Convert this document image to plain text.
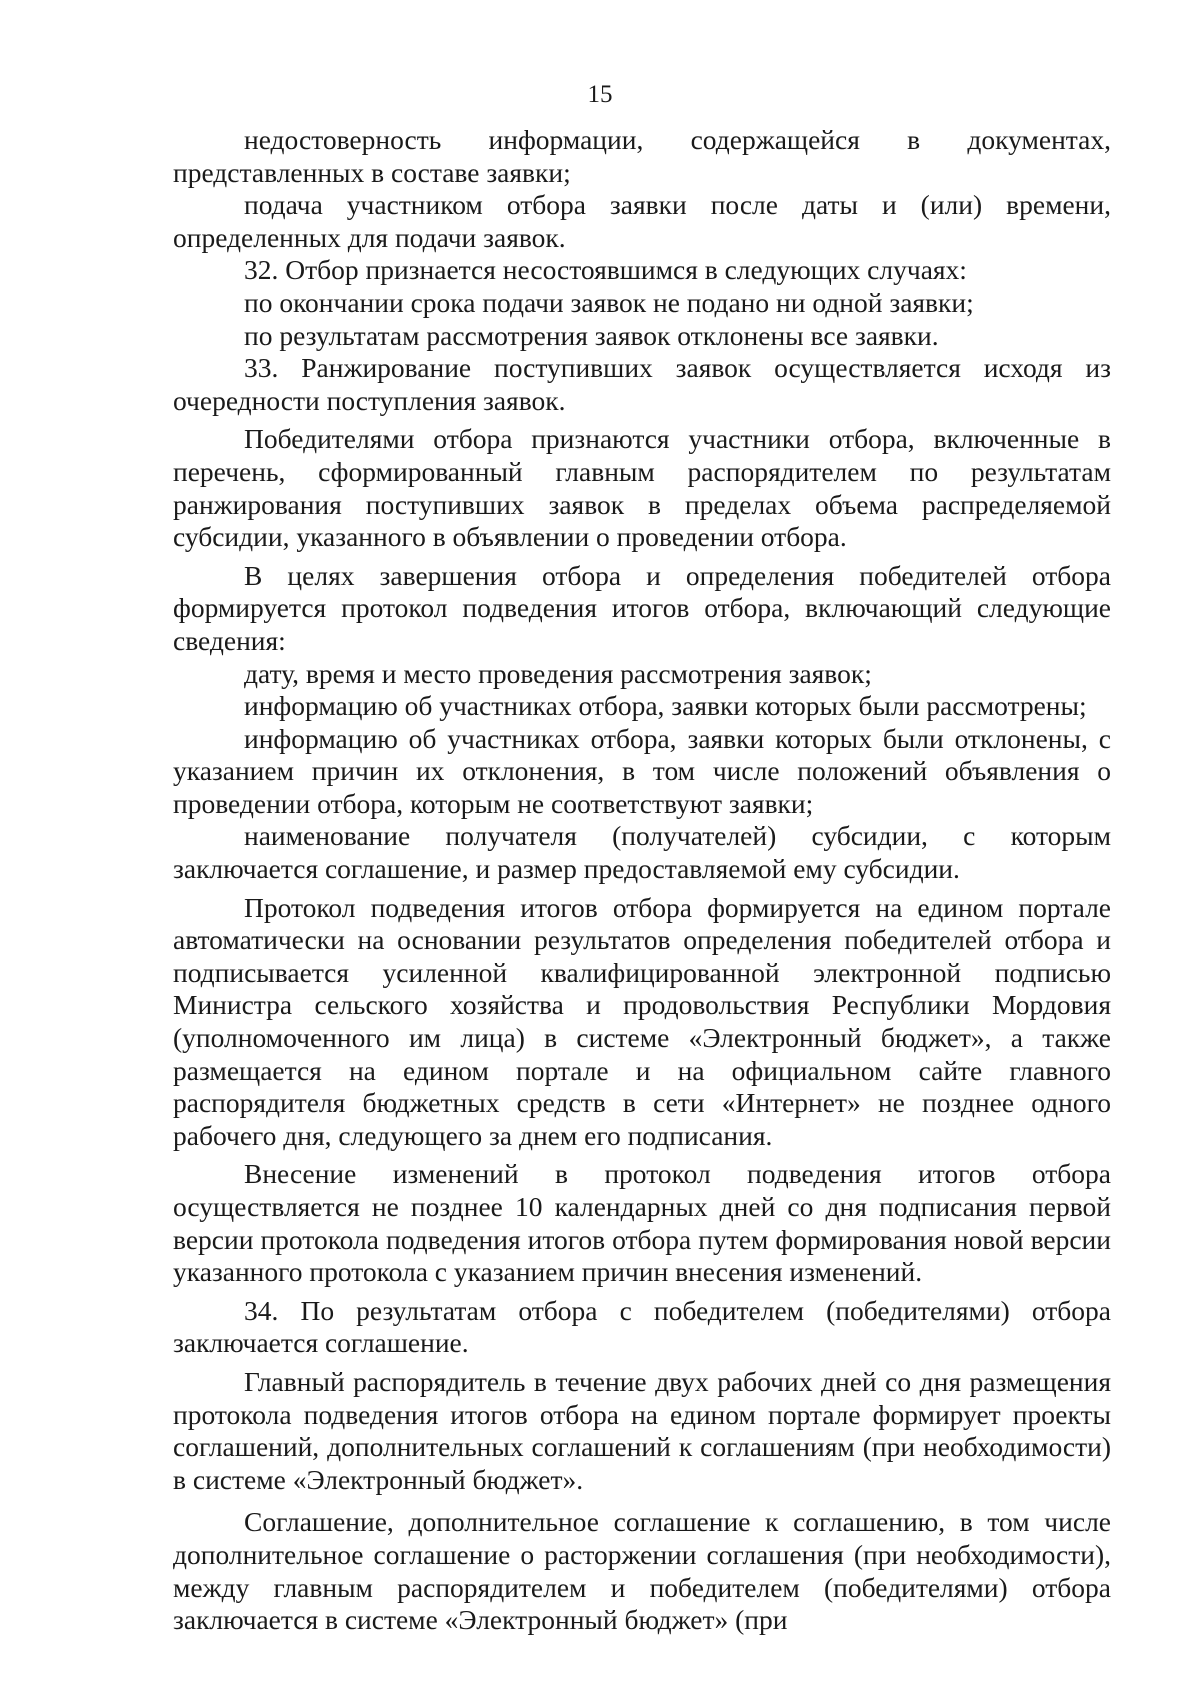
15

недостоверность информации, содержащейся в документах, представленных в составе заявки;

подача участником отбора заявки после даты и (или) времени, определенных для подачи заявок.

32. Отбор признается несостоявшимся в следующих случаях:

по окончании срока подачи заявок не подано ни одной заявки;

по результатам рассмотрения заявок отклонены все заявки.

33. Ранжирование поступивших заявок осуществляется исходя из очередности поступления заявок.

Победителями отбора признаются участники отбора, включенные в перечень, сформированный главным распорядителем по результатам ранжирования поступивших заявок в пределах объема распределяемой субсидии, указанного в объявлении о проведении отбора.

В целях завершения отбора и определения победителей отбора формируется протокол подведения итогов отбора, включающий следующие сведения:

дату, время и место проведения рассмотрения заявок;

информацию об участниках отбора, заявки которых были рассмотрены;

информацию об участниках отбора, заявки которых были отклонены, с указанием причин их отклонения, в том числе положений объявления о проведении отбора, которым не соответствуют заявки;

наименование получателя (получателей) субсидии, с которым заключается соглашение, и размер предоставляемой ему субсидии.

Протокол подведения итогов отбора формируется на едином портале автоматически на основании результатов определения победителей отбора и подписывается усиленной квалифицированной электронной подписью Министра сельского хозяйства и продовольствия Республики Мордовия (уполномоченного им лица) в системе «Электронный бюджет», а также размещается на едином портале и на официальном сайте главного распорядителя бюджетных средств в сети «Интернет» не позднее одного рабочего дня, следующего за днем его подписания.

Внесение изменений в протокол подведения итогов отбора осуществляется не позднее 10 календарных дней со дня подписания первой версии протокола подведения итогов отбора путем формирования новой версии указанного протокола с указанием причин внесения изменений.

34. По результатам отбора с победителем (победителями) отбора заключается соглашение.

Главный распорядитель в течение двух рабочих дней со дня размещения протокола подведения итогов отбора на едином портале формирует проекты соглашений, дополнительных соглашений к соглашениям (при необходимости) в системе «Электронный бюджет».

Соглашение, дополнительное соглашение к соглашению, в том числе дополнительное соглашение о расторжении соглашения (при необходимости), между главным распорядителем и победителем (победителями) отбора заключается в системе «Электронный бюджет» (при
